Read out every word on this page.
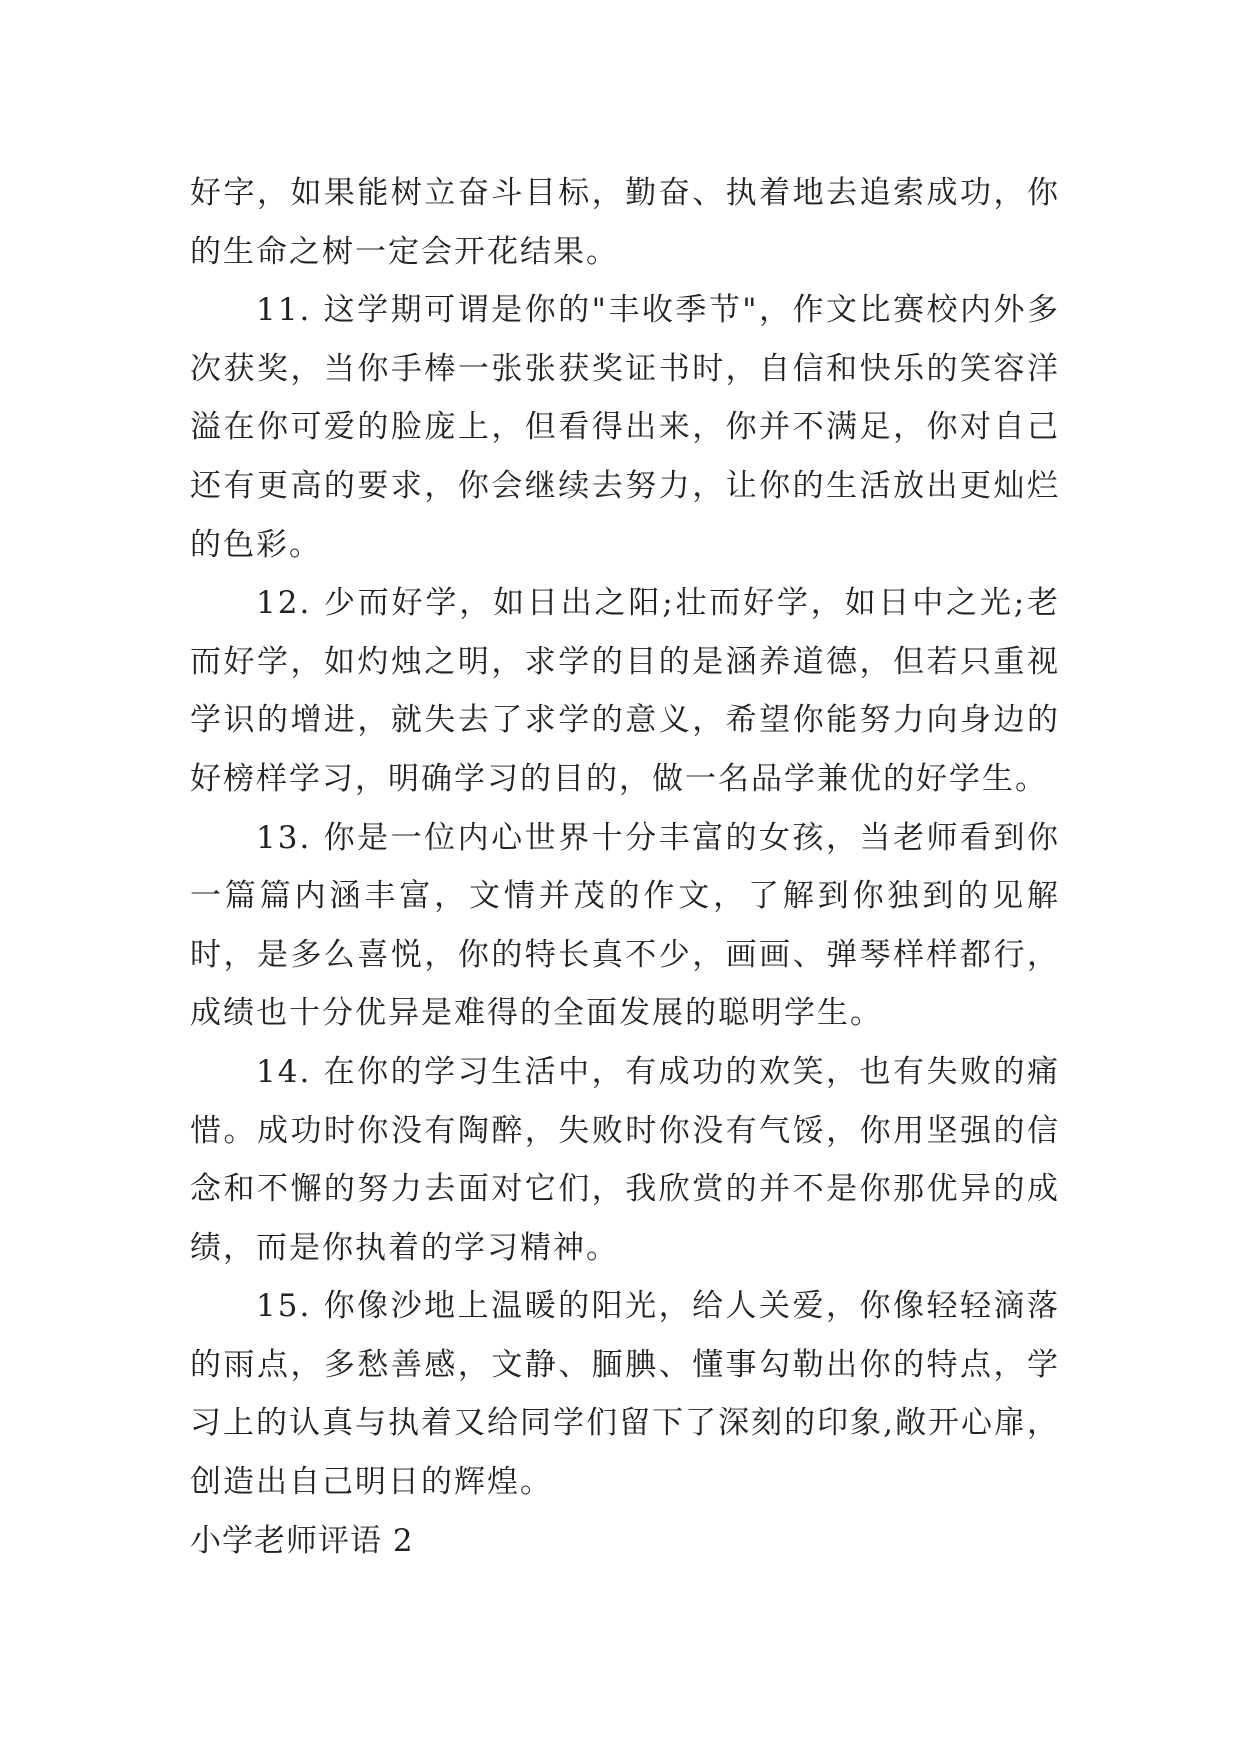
好字，如果能树立奋斗目标，勤奋、执着地去追索成功，你的生命之树一定会开花结果。

11. 这学期可谓是你的"丰收季节"，作文比赛校内外多次获奖，当你手棒一张张获奖证书时，自信和快乐的笑容洋溢在你可爱的脸庞上，但看得出来，你并不满足，你对自己还有更高的要求，你会继续去努力，让你的生活放出更灿烂的色彩。

12. 少而好学，如日出之阳;壮而好学，如日中之光;老而好学，如灼烛之明，求学的目的是涵养道德，但若只重视学识的增进，就失去了求学的意义，希望你能努力向身边的好榜样学习，明确学习的目的，做一名品学兼优的好学生。

13. 你是一位内心世界十分丰富的女孩，当老师看到你一篇篇内涵丰富，文情并茂的作文，了解到你独到的见解时，是多么喜悦，你的特长真不少，画画、弹琴样样都行，成绩也十分优异是难得的全面发展的聪明学生。

14. 在你的学习生活中，有成功的欢笑，也有失败的痛惜。成功时你没有陶醉，失败时你没有气馁，你用坚强的信念和不懈的努力去面对它们，我欣赏的并不是你那优异的成绩，而是你执着的学习精神。

15. 你像沙地上温暖的阳光，给人关爱，你像轻轻滴落的雨点，多愁善感，文静、腼腆、懂事勾勒出你的特点，学习上的认真与执着又给同学们留下了深刻的印象,敞开心扉，创造出自己明日的辉煌。

小学老师评语 2
